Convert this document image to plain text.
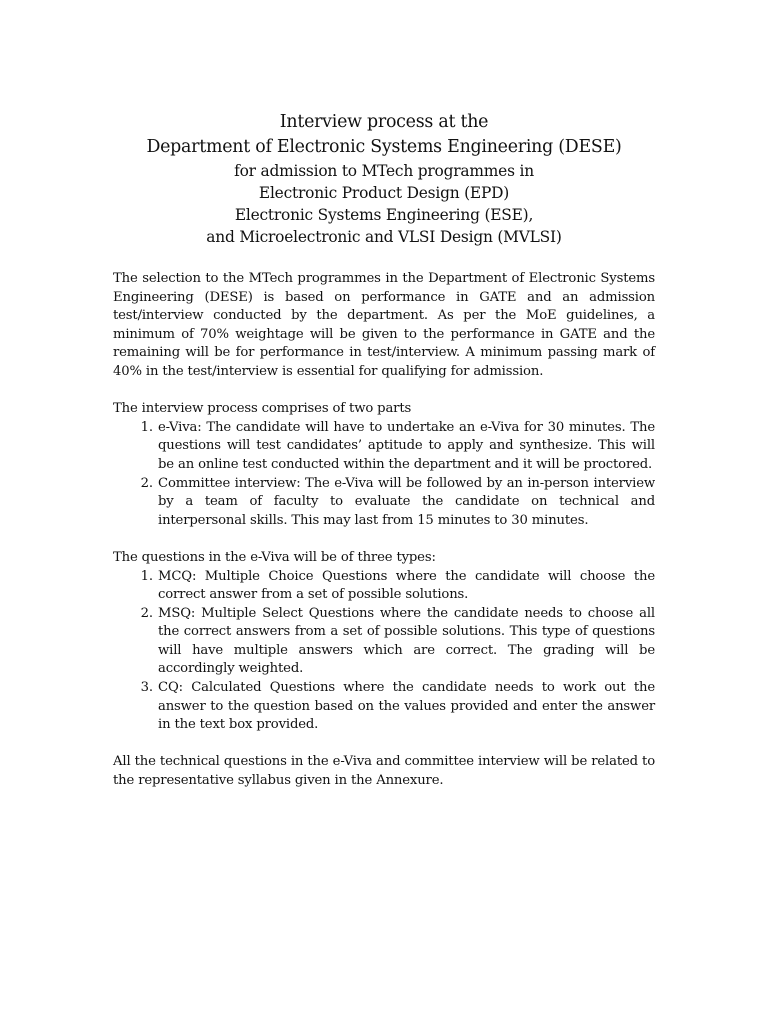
Interview process at the
Department of Electronic Systems Engineering (DESE)
for admission to MTech programmes in
Electronic Product Design (EPD)
Electronic Systems Engineering (ESE),
and Microelectronic and VLSI Design (MVLSI)

The selection to the MTech programmes in the Department of Electronic Systems Engineering (DESE) is based on performance in GATE and an admission test/interview conducted by the department. As per the MoE guidelines, a minimum of 70% weightage will be given to the performance in GATE and the remaining will be for performance in test/interview. A minimum passing mark of 40% in the test/interview is essential for qualifying for admission.

The interview process comprises of two parts

1. e-Viva: The candidate will have to undertake an e-Viva for 30 minutes. The questions will test candidates’ aptitude to apply and synthesize. This will be an online test conducted within the department and it will be proctored.
2. Committee interview: The e-Viva will be followed by an in-person interview by a team of faculty to evaluate the candidate on technical and interpersonal skills. This may last from 15 minutes to 30 minutes.

The questions in the e-Viva will be of three types:

1. MCQ: Multiple Choice Questions where the candidate will choose the correct answer from a set of possible solutions.
2. MSQ: Multiple Select Questions where the candidate needs to choose all the correct answers from a set of possible solutions. This type of questions will have multiple answers which are correct. The grading will be accordingly weighted.
3. CQ: Calculated Questions where the candidate needs to work out the answer to the question based on the values provided and enter the answer in the text box provided.

All the technical questions in the e-Viva and committee interview will be related to the representative syllabus given in the Annexure.
